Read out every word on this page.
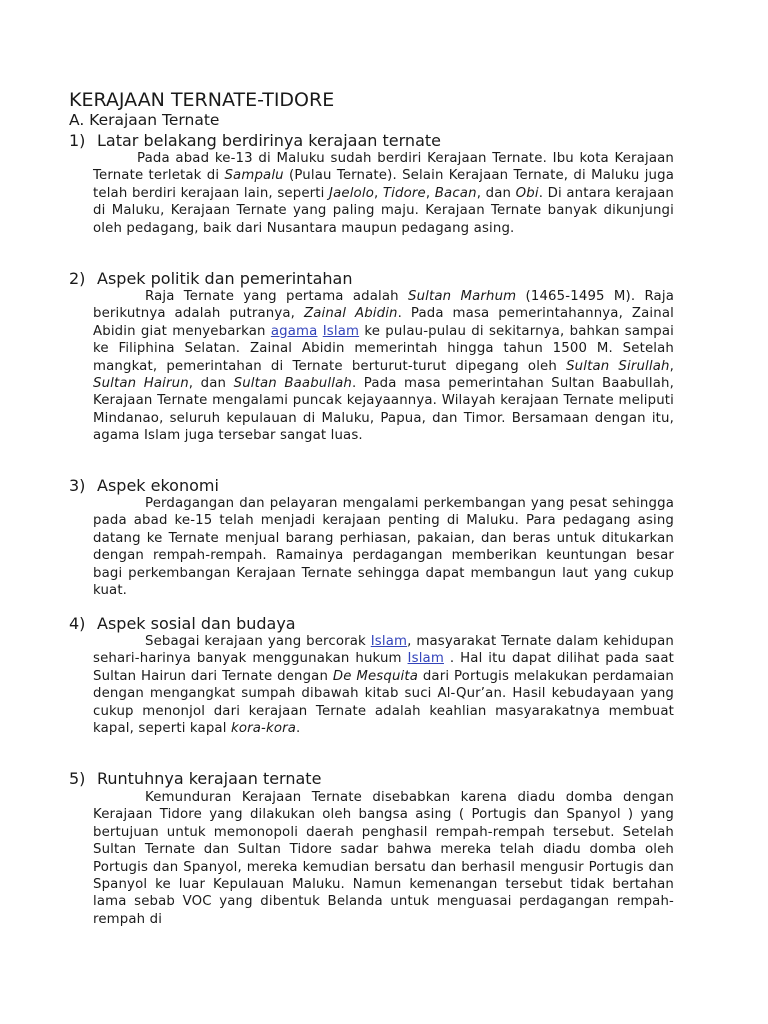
KERAJAAN TERNATE-TIDORE
A. Kerajaan Ternate
1) Latar belakang berdirinya kerajaan ternate

Pada abad ke-13 di Maluku sudah berdiri Kerajaan Ternate. Ibu kota Kerajaan Ternate terletak di Sampalu (Pulau Ternate). Selain Kerajaan Ternate, di Maluku juga telah berdiri kerajaan lain, seperti Jaelolo, Tidore, Bacan, dan Obi. Di antara kerajaan di Maluku, Kerajaan Ternate yang paling maju. Kerajaan Ternate banyak dikunjungi oleh pedagang, baik dari Nusantara maupun pedagang asing.

2) Aspek politik dan pemerintahan

Raja Ternate yang pertama adalah Sultan Marhum (1465-1495 M). Raja berikutnya adalah putranya, Zainal Abidin. Pada masa pemerintahannya, Zainal Abidin giat menyebarkan agama Islam ke pulau-pulau di sekitarnya, bahkan sampai ke Filiphina Selatan. Zainal Abidin memerintah hingga tahun 1500 M. Setelah mangkat, pemerintahan di Ternate berturut-turut dipegang oleh Sultan Sirullah, Sultan Hairun, dan Sultan Baabullah. Pada masa pemerintahan Sultan Baabullah, Kerajaan Ternate mengalami puncak kejayaannya. Wilayah kerajaan Ternate meliputi Mindanao, seluruh kepulauan di Maluku, Papua, dan Timor. Bersamaan dengan itu, agama Islam juga tersebar sangat luas.

3) Aspek ekonomi

Perdagangan dan pelayaran mengalami perkembangan yang pesat sehingga pada abad ke-15 telah menjadi kerajaan penting di Maluku. Para pedagang asing datang ke Ternate menjual barang perhiasan, pakaian, dan beras untuk ditukarkan dengan rempah-rempah. Ramainya perdagangan memberikan keuntungan besar bagi perkembangan Kerajaan Ternate sehingga dapat membangun laut yang cukup kuat.

4) Aspek sosial dan budaya

Sebagai kerajaan yang bercorak Islam, masyarakat Ternate dalam kehidupan sehari-harinya banyak menggunakan hukum Islam . Hal itu dapat dilihat pada saat Sultan Hairun dari Ternate dengan De Mesquita dari Portugis melakukan perdamaian dengan mengangkat sumpah dibawah kitab suci Al-Qur’an. Hasil kebudayaan yang cukup menonjol dari kerajaan Ternate adalah keahlian masyarakatnya membuat kapal, seperti kapal kora-kora.

5) Runtuhnya kerajaan ternate

Kemunduran Kerajaan Ternate disebabkan karena diadu domba dengan Kerajaan Tidore yang dilakukan oleh bangsa asing ( Portugis dan Spanyol ) yang bertujuan untuk memonopoli daerah penghasil rempah-rempah tersebut. Setelah Sultan Ternate dan Sultan Tidore sadar bahwa mereka telah diadu domba oleh Portugis dan Spanyol, mereka kemudian bersatu dan berhasil mengusir Portugis dan Spanyol ke luar Kepulauan Maluku. Namun kemenangan tersebut tidak bertahan lama sebab VOC yang dibentuk Belanda untuk menguasai perdagangan rempah-rempah di
